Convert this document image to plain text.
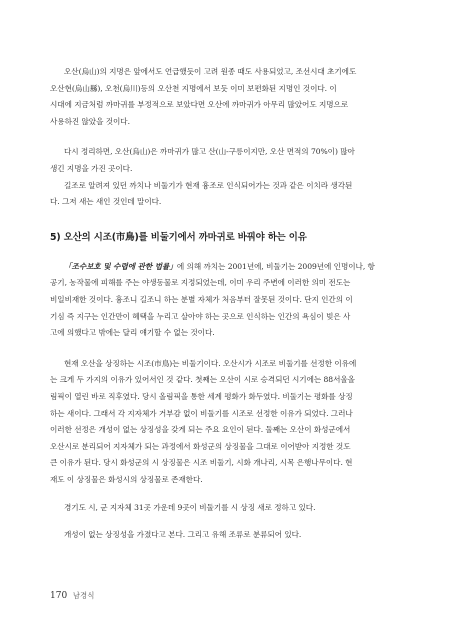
오산(烏山)의 지명은 앞에서도 언급했듯이 고려 원종 때도 사용되었고, 조선시대 초기에도
오산현(烏山縣), 오천(烏川)등의 오산천 지명에서 보듯 이미 보편화된 지명인 것이다. 이
시대에 지금처럼 까마귀를 부정적으로 보았다면 오산에 까마귀가 아무리 많았어도 지명으로
사용하진 않았을 것이다.

다시 정리하면, 오산(烏山)은 까마귀가 많고 산(山-구릉이지만, 오산 면적의 70%이) 많아
생긴 지명을 가진 곳이다.

길조로 알려져 있던 까치나 비둘기가 현재 흉조로 인식되어가는 것과 같은 이치라 생각된
다. 그저 새는 새인 것인데 말이다.

5) 오산의 시조(市鳥)를 비둘기에서 까마귀로 바꿔야 하는 이유

「조수보호 및 수렵에 관한 법률」에 의해 까치는 2001년에, 비둘기는 2009년에 인명이나, 항
공기, 농작물에 피해를 주는 야생동물로 지정되었는데, 이미 우리 주변에 이러한 의미 전도는
비일비재한 것이다. 흉조니 길조니 하는 분별 자체가 처음부터 잘못된 것이다. 단지 인간의 이
기심 즉 지구는 인간만이 혜택을 누리고 살아야 하는 곳으로 인식하는 인간의 욕심이 빚은 사
고에 의했다고 밖에는 달리 얘기할 수 없는 것이다.

현재 오산을 상징하는 시조(市鳥)는 비둘기이다. 오산시가 시조로 비둘기를 선정한 이유에
는 크게 두 가지의 이유가 있어서인 것 같다. 첫째는 오산이 시로 승격되던 시기에는 88서울올
림픽이 열린 바로 직후였다. 당시 올림픽을 통한 세계 평화가 화두였다. 비둘기는 평화를 상징
하는 새이다. 그래서 각 지자체가 거부감 없이 비둘기를 시조로 선정한 이유가 되었다. 그러나
이러한 선정은 개성이 없는 상징성을 갖게 되는 주요 요인이 된다. 둘째는 오산이 화성군에서
오산시로 분리되어 지자체가 되는 과정에서 화성군의 상징물을 그대로 이어받아 지정한 것도
큰 이유가 된다. 당시 화성군의 시 상징물은 시조 비둘기, 시화 개나리, 시목 은행나무이다. 현
재도 이 상징물은 화성시의 상징물로 존재한다.

경기도 시, 군 지자체 31곳 가운데 9곳이 비둘기를 시 상징 새로 정하고 있다.

개성이 없는 상징성을 가졌다고 본다. 그리고 유해 조류로 분류되어 있다.

170 남경식
